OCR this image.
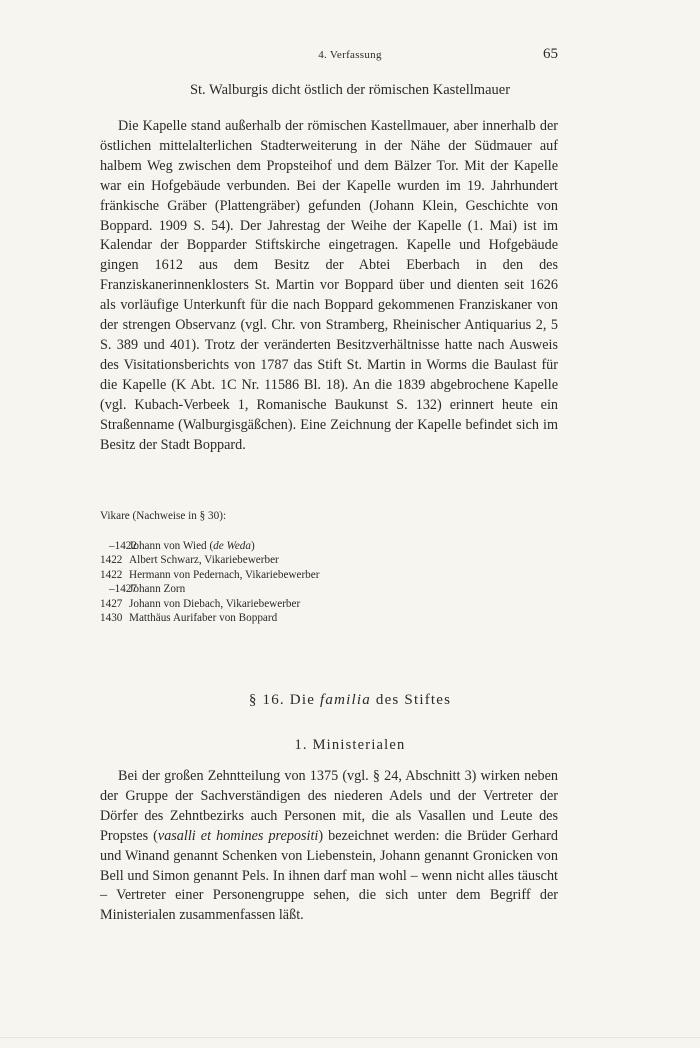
4. Verfassung	65
St. Walburgis dicht östlich der römischen Kastellmauer

Die Kapelle stand außerhalb der römischen Kastellmauer, aber innerhalb der östlichen mittelalterlichen Stadterweiterung in der Nähe der Südmauer auf halbem Weg zwischen dem Propsteihof und dem Bälzer Tor. Mit der Kapelle war ein Hofgebäude verbunden. Bei der Kapelle wurden im 19. Jahrhundert fränkische Gräber (Plattengräber) gefunden (Johann Klein, Geschichte von Boppard. 1909 S. 54). Der Jahrestag der Weihe der Kapelle (1. Mai) ist im Kalendar der Bopparder Stiftskirche eingetragen. Kapelle und Hofgebäude gingen 1612 aus dem Besitz der Abtei Eberbach in den des Franziskanerinnenklosters St. Martin vor Boppard über und dienten seit 1626 als vorläufige Unterkunft für die nach Boppard gekommenen Franziskaner von der strengen Observanz (vgl. Chr. von Stramberg, Rheinischer Antiquarius 2, 5 S. 389 und 401). Trotz der veränderten Besitzverhältnisse hatte nach Ausweis des Visitationsberichts von 1787 das Stift St. Martin in Worms die Baulast für die Kapelle (K Abt. 1C Nr. 11586 Bl. 18). An die 1839 abgebrochene Kapelle (vgl. Kubach-Verbeek 1, Romanische Baukunst S. 132) erinnert heute ein Straßenname (Walburgisgäßchen). Eine Zeichnung der Kapelle befindet sich im Besitz der Stadt Boppard.

Vikare (Nachweise in § 30):
–1422
Johann von Wied (de Weda)
1422 Albert Schwarz, Vikariebewerber
1422 Hermann von Pedernach, Vikariebewerber
–1427
Johann Zorn
1427 Johann von Diebach, Vikariebewerber
1430 Matthäus Aurifaber von Boppard
§ 16. Die familia des Stiftes
1. Ministerialen

Bei der großen Zehntteilung von 1375 (vgl. § 24, Abschnitt 3) wirken neben der Gruppe der Sachverständigen des niederen Adels und der Vertreter der Dörfer des Zehntbezirks auch Personen mit, die als Vasallen und Leute des Propstes (vasalli et homines prepositi) bezeichnet werden: die Brüder Gerhard und Winand genannt Schenken von Liebenstein, Johann genannt Gronicken von Bell und Simon genannt Pels. In ihnen darf man wohl – wenn nicht alles täuscht – Vertreter einer Personengruppe sehen, die sich unter dem Begriff der Ministerialen zusammenfassen läßt.
